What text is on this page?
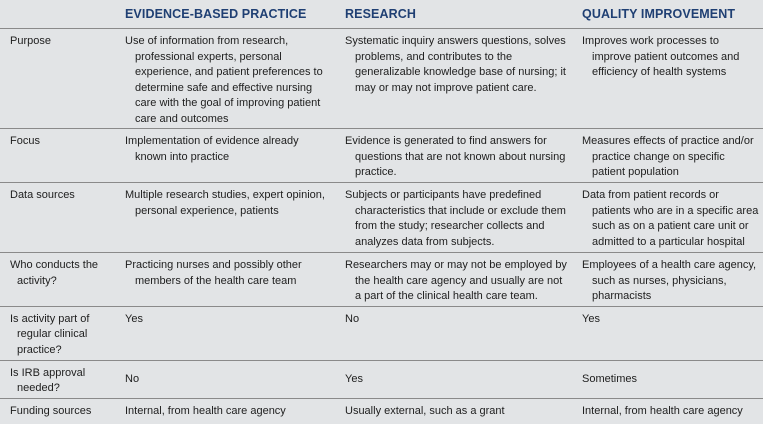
	EVIDENCE-BASED PRACTICE	RESEARCH	QUALITY IMPROVEMENT

Purpose	Use of information from research, professional experts, personal experience, and patient preferences to determine safe and effective nursing care with the goal of improving patient care and outcomes	Systematic inquiry answers questions, solves problems, and contributes to the generalizable knowledge base of nursing; it may or may not improve patient care.	Improves work processes to improve patient outcomes and efficiency of health systems

Focus	Implementation of evidence already known into practice	Evidence is generated to find answers for questions that are not known about nursing practice.	Measures effects of practice and/or practice change on specific patient population

Data sources	Multiple research studies, expert opinion, personal experience, patients	Subjects or participants have predefined characteristics that include or exclude them from the study; researcher collects and analyzes data from subjects.	Data from patient records or patients who are in a specific area such as on a patient care unit or admitted to a particular hospital

Who conducts the activity?	Practicing nurses and possibly other members of the health care team	Researchers may or may not be employed by the health care agency and usually are not a part of the clinical health care team.	Employees of a health care agency, such as nurses, physicians, pharmacists

Is activity part of regular clinical practice?	Yes	No	Yes

Is IRB approval needed?	No	Yes	Sometimes

Funding sources	Internal, from health care agency	Usually external, such as a grant	Internal, from health care agency
